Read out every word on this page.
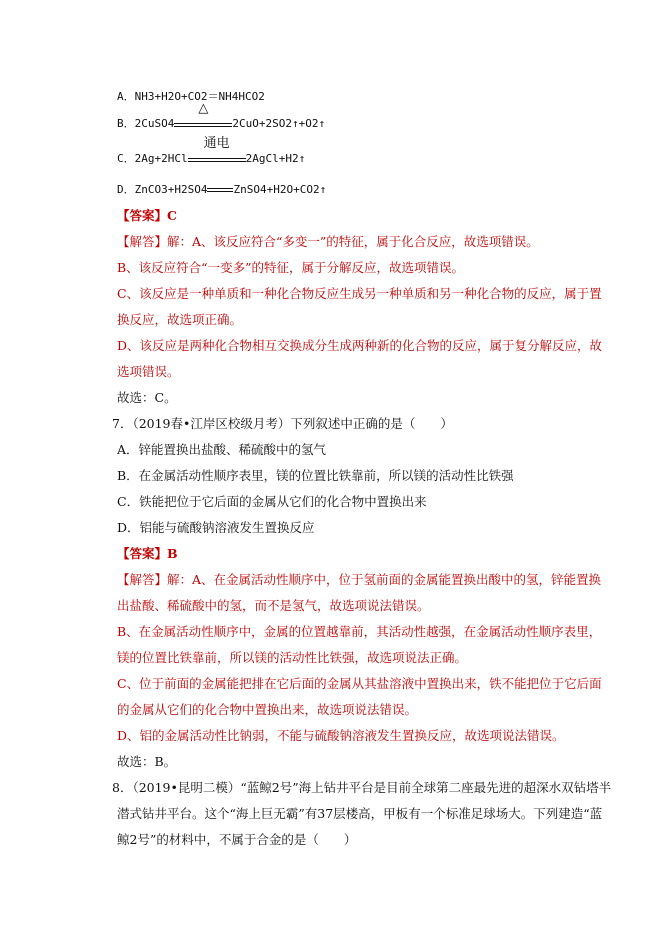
A．NH3+H2O+CO2＝NH4HCO2
B．2CuSO4
△
2CuO+2SO2↑+O2↑
C．2Ag+2HCl
通电
2AgCl+H2↑
D．ZnCO3+H2SO4 ZnSO4+H2O+CO2↑
【答案】C
【解答】解：A、该反应符合“多变一”的特征，属于化合反应，故选项错误。
B、该反应符合“一变多”的特征，属于分解反应，故选项错误。
C、该反应是一种单质和一种化合物反应生成另一种单质和另一种化合物的反应，属于置
换反应，故选项正确。
D、该反应是两种化合物相互交换成分生成两种新的化合物的反应，属于复分解反应，故
选项错误。
故选：C。
7．（2019春•江岸区校级月考）下列叙述中正确的是（　　）
A．锌能置换出盐酸、稀硫酸中的氢气
B．在金属活动性顺序表里，镁的位置比铁靠前，所以镁的活动性比铁强
C．铁能把位于它后面的金属从它们的化合物中置换出来
D．铝能与硫酸钠溶液发生置换反应
【答案】B
【解答】解：A、在金属活动性顺序中，位于氢前面的金属能置换出酸中的氢，锌能置换
出盐酸、稀硫酸中的氢，而不是氢气，故选项说法错误。
B、在金属活动性顺序中，金属的位置越靠前，其活动性越强，在金属活动性顺序表里，
镁的位置比铁靠前，所以镁的活动性比铁强，故选项说法正确。
C、位于前面的金属能把排在它后面的金属从其盐溶液中置换出来，铁不能把位于它后面
的金属从它们的化合物中置换出来，故选项说法错误。
D、铝的金属活动性比钠弱，不能与硫酸钠溶液发生置换反应，故选项说法错误。
故选：B。
8．（2019•昆明二模）“蓝鲸2号”海上钻井平台是目前全球第二座最先进的超深水双钻塔半
潜式钻井平台。这个“海上巨无霸”有37层楼高，甲板有一个标准足球场大。下列建造“蓝
鲸2号”的材料中，不属于合金的是（　　）
